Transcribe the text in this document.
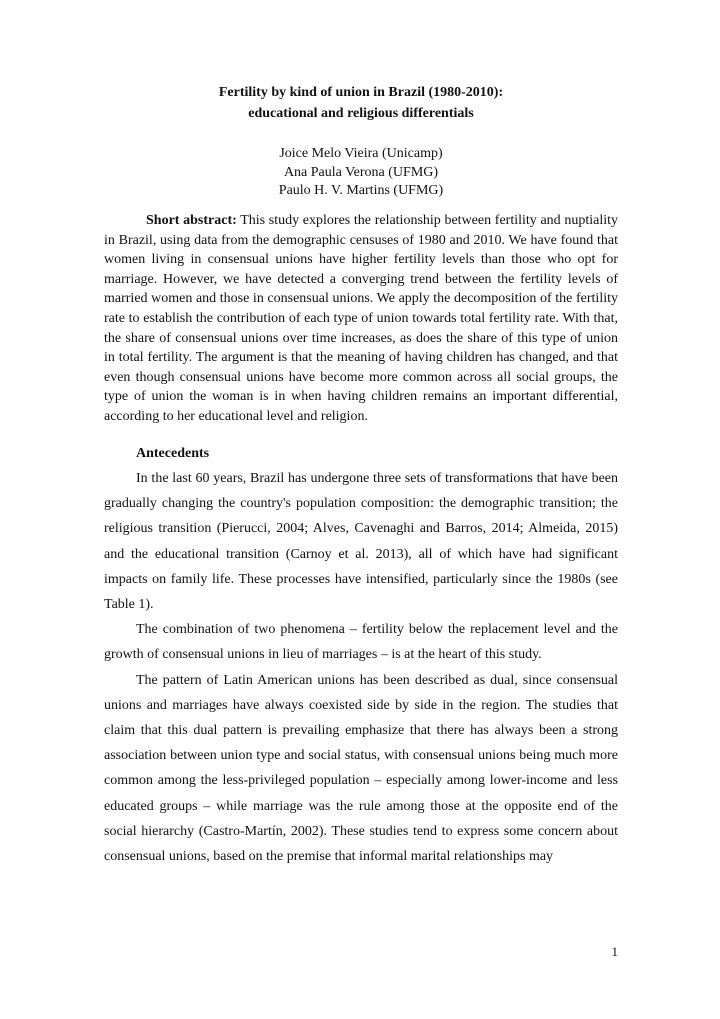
Fertility by kind of union in Brazil (1980-2010):
educational and religious differentials
Joice Melo Vieira (Unicamp)
Ana Paula Verona (UFMG)
Paulo H. V. Martins (UFMG)

Short abstract: This study explores the relationship between fertility and nuptiality in Brazil, using data from the demographic censuses of 1980 and 2010. We have found that women living in consensual unions have higher fertility levels than those who opt for marriage. However, we have detected a converging trend between the fertility levels of married women and those in consensual unions. We apply the decomposition of the fertility rate to establish the contribution of each type of union towards total fertility rate. With that, the share of consensual unions over time increases, as does the share of this type of union in total fertility. The argument is that the meaning of having children has changed, and that even though consensual unions have become more common across all social groups, the type of union the woman is in when having children remains an important differential, according to her educational level and religion.

Antecedents

In the last 60 years, Brazil has undergone three sets of transformations that have been gradually changing the country's population composition: the demographic transition; the religious transition (Pierucci, 2004; Alves, Cavenaghi and Barros, 2014; Almeida, 2015) and the educational transition (Carnoy et al. 2013), all of which have had significant impacts on family life. These processes have intensified, particularly since the 1980s (see Table 1).

The combination of two phenomena – fertility below the replacement level and the growth of consensual unions in lieu of marriages – is at the heart of this study.

The pattern of Latin American unions has been described as dual, since consensual unions and marriages have always coexisted side by side in the region. The studies that claim that this dual pattern is prevailing emphasize that there has always been a strong association between union type and social status, with consensual unions being much more common among the less-privileged population – especially among lower-income and less educated groups – while marriage was the rule among those at the opposite end of the social hierarchy (Castro-Martín, 2002). These studies tend to express some concern about consensual unions, based on the premise that informal marital relationships may

1
